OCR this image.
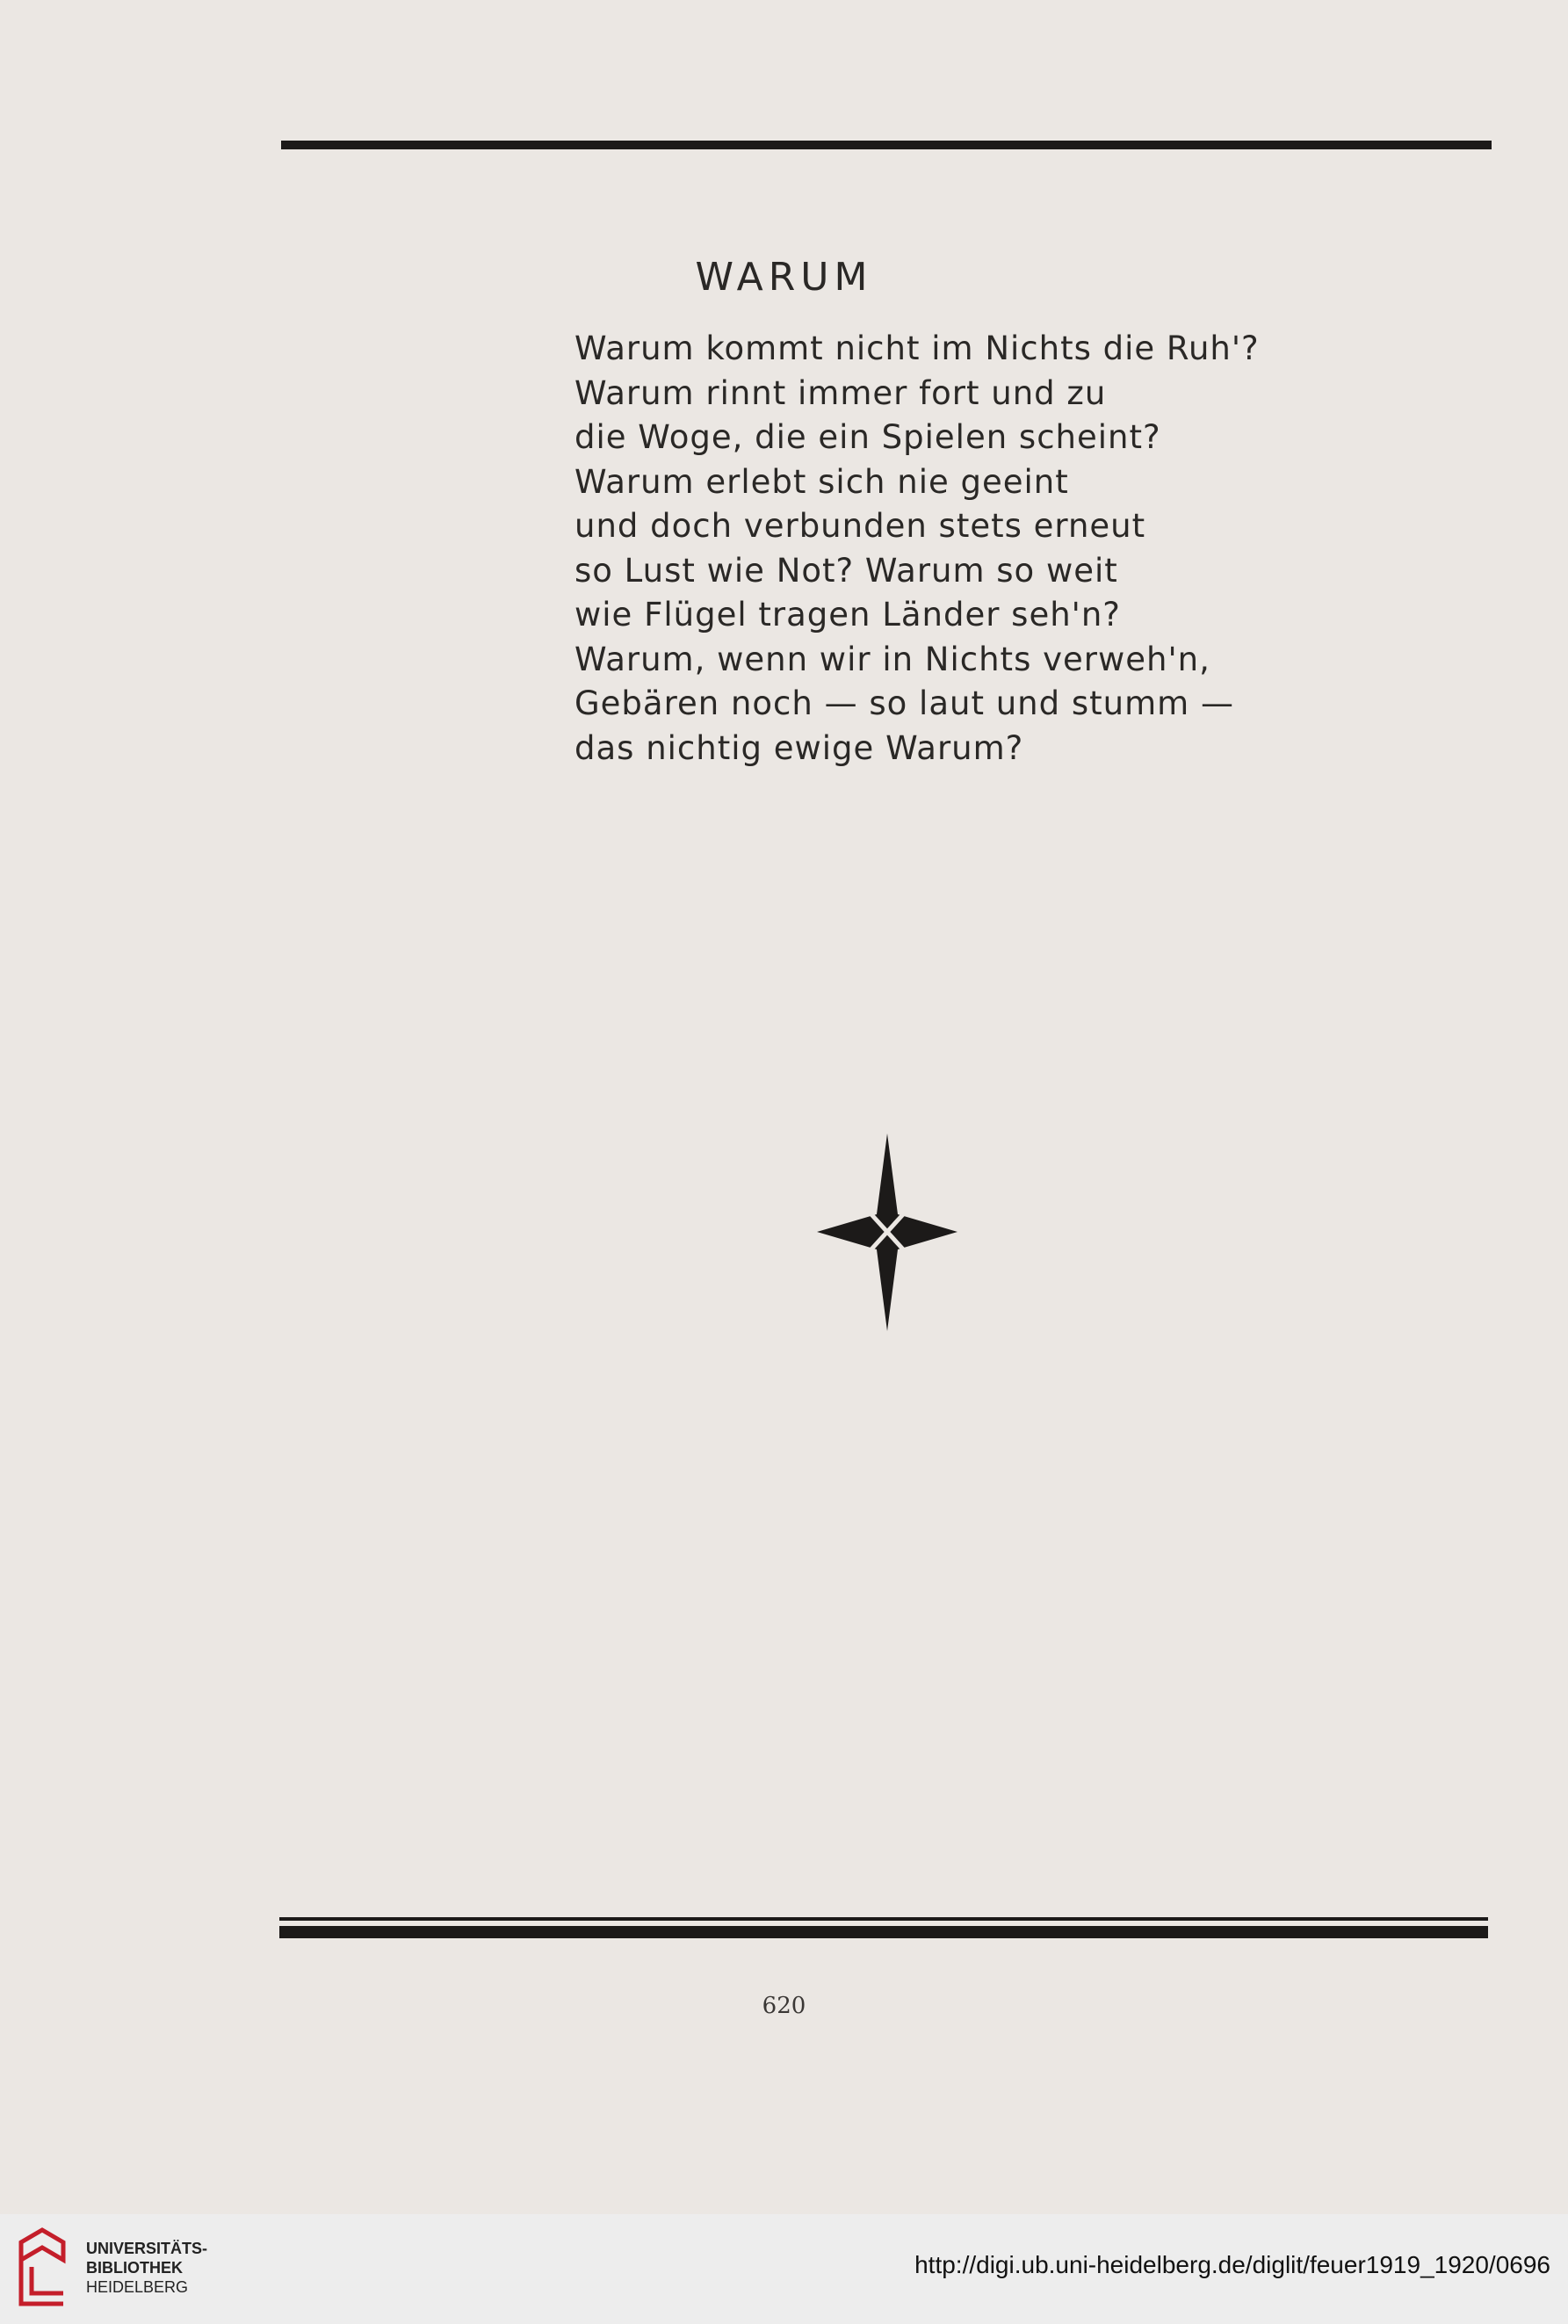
WARUM
Warum kommt nicht im Nichts die Ruh'?
Warum rinnt immer fort und zu
die Woge, die ein Spielen scheint?
Warum erlebt sich nie geeint
und doch verbunden stets erneut
so Lust wie Not? Warum so weit
wie Flügel tragen Länder seh'n?
Warum, wenn wir in Nichts verweh'n,
Gebären noch — so laut und stumm —
das nichtig ewige Warum?
620
UNIVERSITÄTS-
BIBLIOTHEK
HEIDELBERG
http://digi.ub.uni-heidelberg.de/diglit/feuer1919_1920/0696
